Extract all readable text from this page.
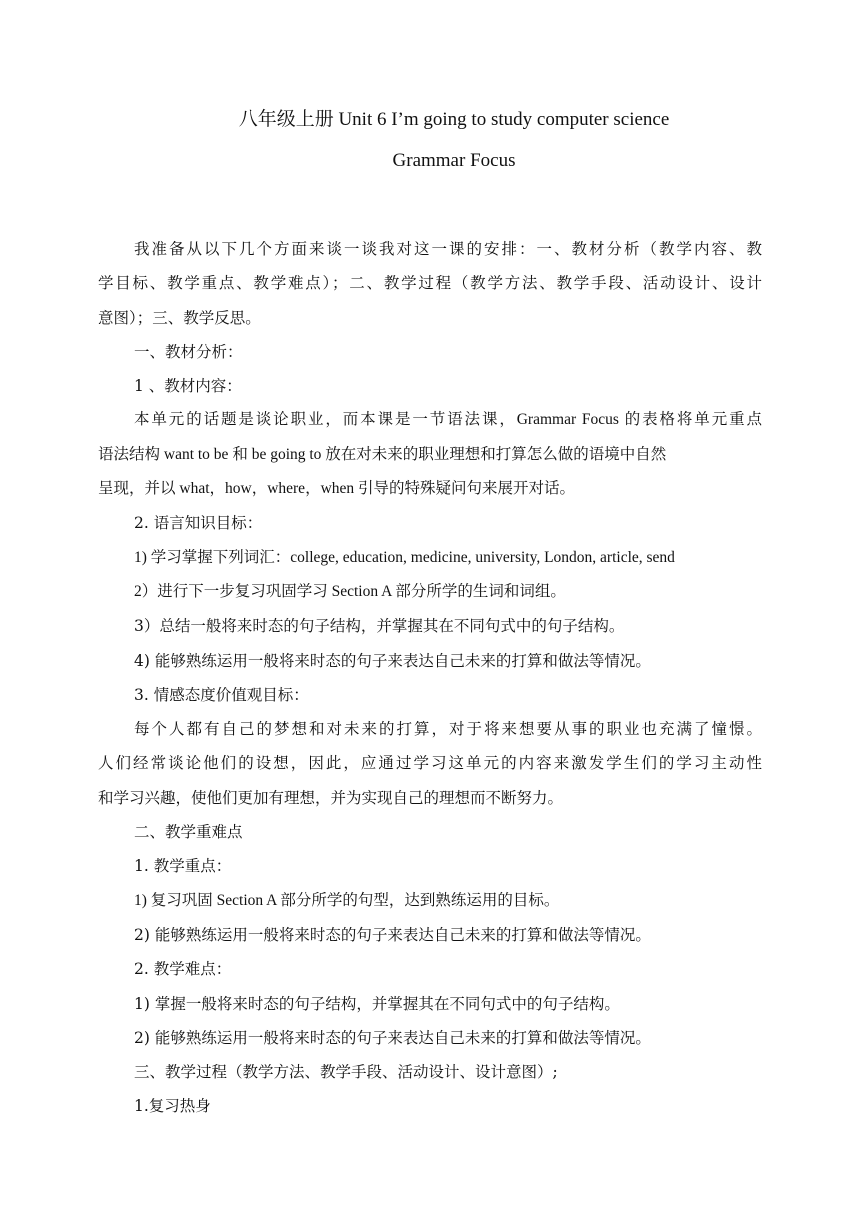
八年级上册 Unit 6 I’m going to study computer science
Grammar Focus
我准备从以下几个方面来谈一谈我对这一课的安排：一、教材分析（教学内容、教
学目标、教学重点、教学难点）；二、教学过程（教学方法、教学手段、活动设计、设计
意图）；三、教学反思。
一、教材分析：
1 、教材内容：
本单元的话题是谈论职业，而本课是一节语法课，Grammar Focus 的表格将单元重点
语法结构 want to be 和 be going to 放在对未来的职业理想和打算怎么做的语境中自然
呈现，并以 what，how，where，when 引导的特殊疑问句来展开对话。
2. 语言知识目标：
1) 学习掌握下列词汇：college, education, medicine, university, London, article, send
2）进行下一步复习巩固学习 Section A 部分所学的生词和词组。
3）总结一般将来时态的句子结构，并掌握其在不同句式中的句子结构。
4) 能够熟练运用一般将来时态的句子来表达自己未来的打算和做法等情况。
3. 情感态度价值观目标：
每个人都有自己的梦想和对未来的打算，对于将来想要从事的职业也充满了憧憬。
人们经常谈论他们的设想，因此，应通过学习这单元的内容来激发学生们的学习主动性
和学习兴趣，使他们更加有理想，并为实现自己的理想而不断努力。
二、教学重难点
1. 教学重点：
1) 复习巩固 Section A 部分所学的句型，达到熟练运用的目标。
2) 能够熟练运用一般将来时态的句子来表达自己未来的打算和做法等情况。
2. 教学难点：
1) 掌握一般将来时态的句子结构，并掌握其在不同句式中的句子结构。
2) 能够熟练运用一般将来时态的句子来表达自己未来的打算和做法等情况。
三、教学过程（教学方法、教学手段、活动设计、设计意图）;
1.复习热身
